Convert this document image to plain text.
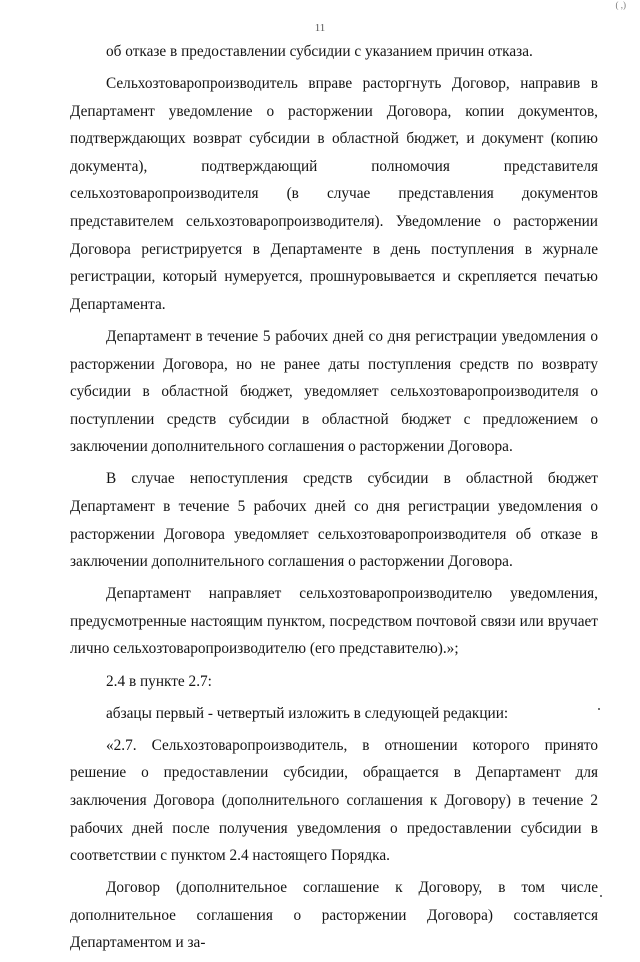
( ,)
11

об отказе в предоставлении субсидии с указанием причин отказа.

Сельхозтоваропроизводитель вправе расторгнуть Договор, направив в Департамент уведомление о расторжении Договора, копии документов, подтверждающих возврат субсидии в областной бюджет, и документ (копию документа), подтверждающий полномочия представителя сельхозтоваропроизводителя (в случае представления документов представителем сельхозтоваропроизводителя). Уведомление о расторжении Договора регистрируется в Департаменте в день поступления в журнале регистрации, который нумеруется, прошнуровывается и скрепляется печатью Департамента.

Департамент в течение 5 рабочих дней со дня регистрации уведомления о расторжении Договора, но не ранее даты поступления средств по возврату субсидии в областной бюджет, уведомляет сельхозтоваропроизводителя о поступлении средств субсидии в областной бюджет с предложением о заключении дополнительного соглашения о расторжении Договора.

В случае непоступления средств субсидии в областной бюджет Департамент в течение 5 рабочих дней со дня регистрации уведомления о расторжении Договора уведомляет сельхозтоваропроизводителя об отказе в заключении дополнительного соглашения о расторжении Договора.

Департамент направляет сельхозтоваропроизводителю уведомления, предусмотренные настоящим пунктом, посредством почтовой связи или вручает лично сельхозтоваропроизводителю (его представителю).»;

2.4 в пункте 2.7:

абзацы первый - четвертый изложить в следующей редакции:

«2.7. Сельхозтоваропроизводитель, в отношении которого принято решение о предоставлении субсидии, обращается в Департамент для заключения Договора (дополнительного соглашения к Договору) в течение 2 рабочих дней после получения уведомления о предоставлении субсидии в соответствии с пунктом 2.4 настоящего Порядка.

Договор (дополнительное соглашение к Договору, в том числе дополнительное соглашения о расторжении Договора) составляется Департаментом и за-
